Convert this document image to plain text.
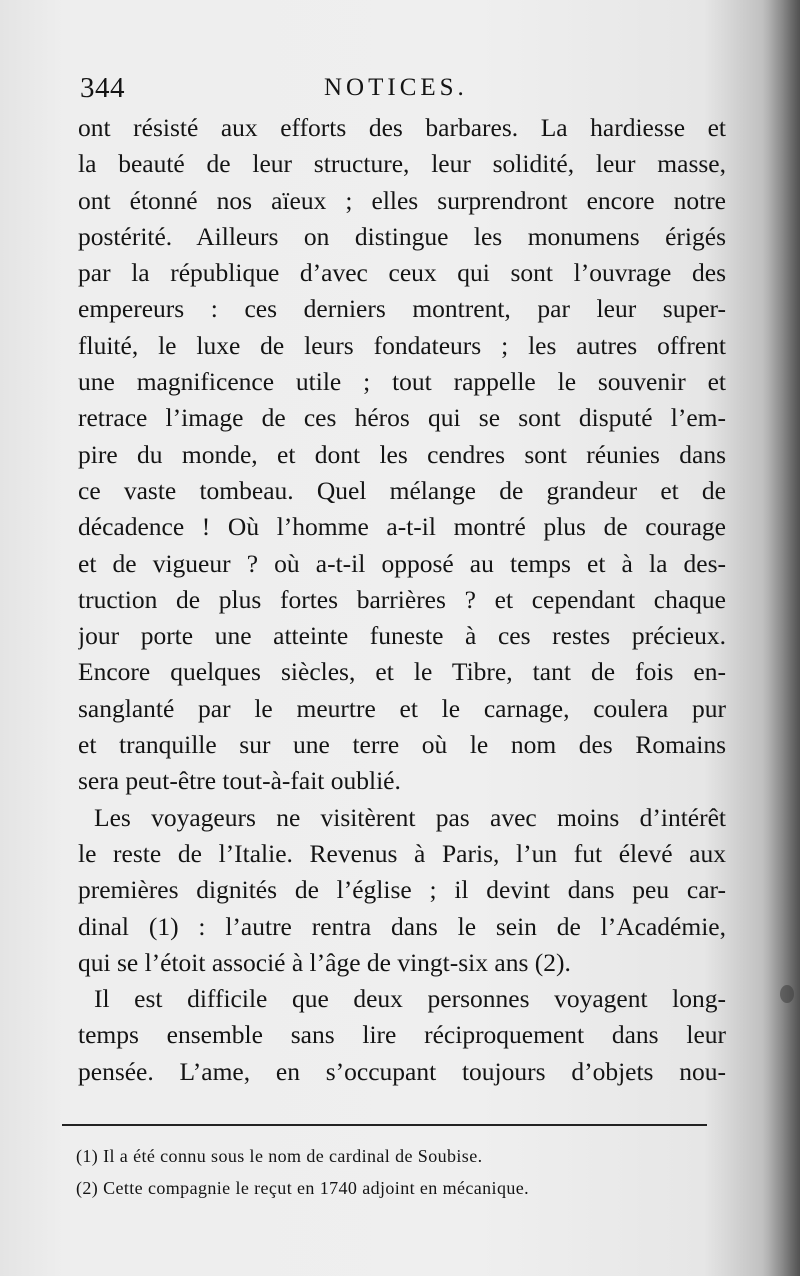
344	NOTICES.
ont résisté aux efforts des barbares. La hardiesse et
la beauté de leur structure, leur solidité, leur masse,
ont étonné nos aïeux ; elles surprendront encore notre
postérité. Ailleurs on distingue les monumens érigés
par la république d’avec ceux qui sont l’ouvrage des
empereurs : ces derniers montrent, par leur super-
fluité, le luxe de leurs fondateurs ; les autres offrent
une magnificence utile ; tout rappelle le souvenir et
retrace l’image de ces héros qui se sont disputé l’em-
pire du monde, et dont les cendres sont réunies dans
ce vaste tombeau. Quel mélange de grandeur et de
décadence ! Où l’homme a-t-il montré plus de courage
et de vigueur ? où a-t-il opposé au temps et à la des-
truction de plus fortes barrières ? et cependant chaque
jour porte une atteinte funeste à ces restes précieux.
Encore quelques siècles, et le Tibre, tant de fois en-
sanglanté par le meurtre et le carnage, coulera pur
et tranquille sur une terre où le nom des Romains
sera peut-être tout-à-fait oublié.
Les voyageurs ne visitèrent pas avec moins d’intérêt
le reste de l’Italie. Revenus à Paris, l’un fut élevé aux
premières dignités de l’église ; il devint dans peu car-
dinal (1) : l’autre rentra dans le sein de l’Académie,
qui se l’étoit associé à l’âge de vingt-six ans (2).
Il est difficile que deux personnes voyagent long-
temps ensemble sans lire réciproquement dans leur
pensée. L’ame, en s’occupant toujours d’objets nou-
(1) Il a été connu sous le nom de cardinal de Soubise.
(2) Cette compagnie le reçut en 1740 adjoint en mécanique.
